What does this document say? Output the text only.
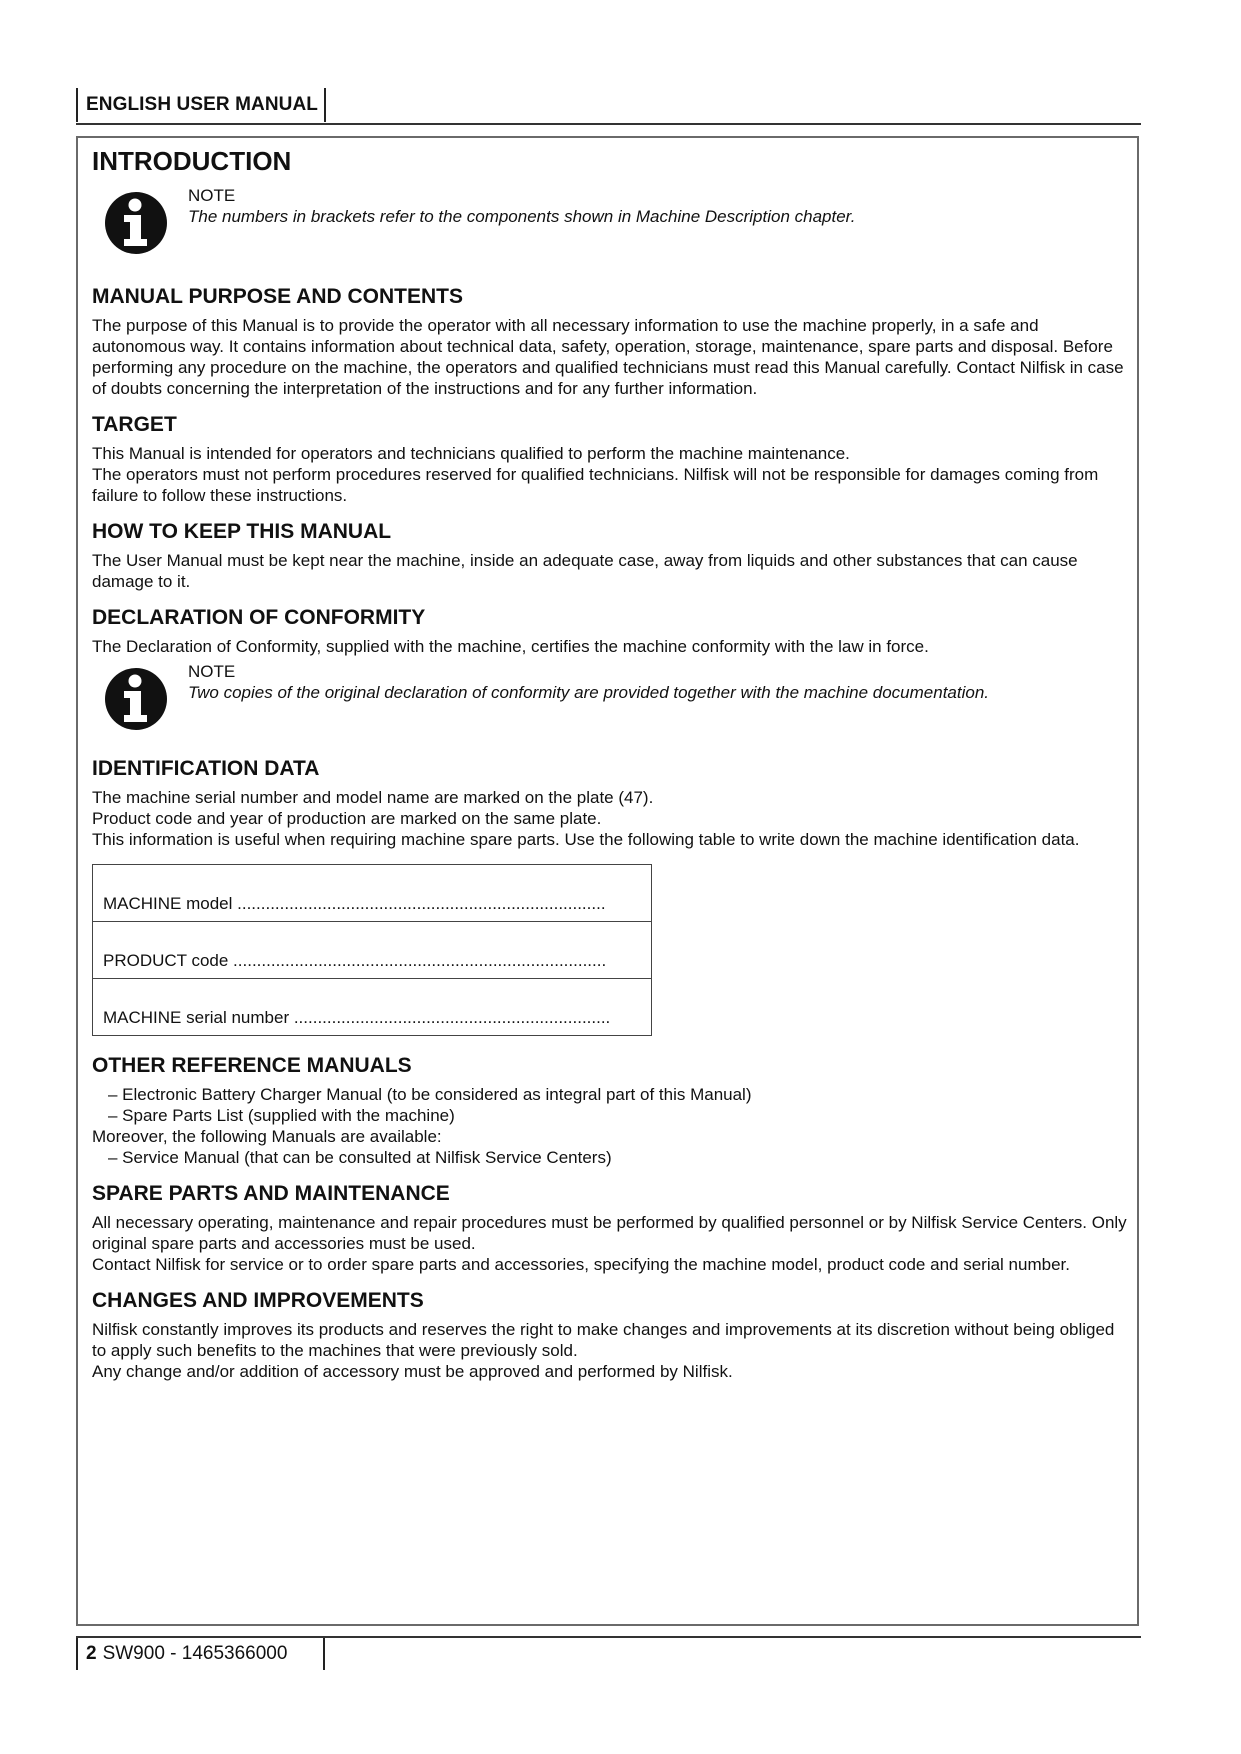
ENGLISH USER MANUAL
INTRODUCTION
NOTE
The numbers in brackets refer to the components shown in Machine Description chapter.
MANUAL PURPOSE AND CONTENTS

The purpose of this Manual is to provide the operator with all necessary information to use the machine properly, in a safe and autonomous way. It contains information about technical data, safety, operation, storage, maintenance, spare parts and disposal. Before performing any procedure on the machine, the operators and qualified technicians must read this Manual carefully. Contact Nilfisk in case of doubts concerning the interpretation of the instructions and for any further information.

TARGET

This Manual is intended for operators and technicians qualified to perform the machine maintenance.

The operators must not perform procedures reserved for qualified technicians. Nilfisk will not be responsible for damages coming from failure to follow these instructions.

HOW TO KEEP THIS MANUAL

The User Manual must be kept near the machine, inside an adequate case, away from liquids and other substances that can cause damage to it.

DECLARATION OF CONFORMITY

The Declaration of Conformity, supplied with the machine, certifies the machine conformity with the law in force.

NOTE
Two copies of the original declaration of conformity are provided together with the machine documentation.
IDENTIFICATION DATA

The machine serial number and model name are marked on the plate (47).

Product code and year of production are marked on the same plate.

This information is useful when requiring machine spare parts. Use the following table to write down the machine identification data.

MACHINE model ..............................................................................
PRODUCT code ...............................................................................
MACHINE serial number ...................................................................
OTHER REFERENCE MANUALS
– Electronic Battery Charger Manual (to be considered as integral part of this Manual)
– Spare Parts List (supplied with the machine)

Moreover, the following Manuals are available:

– Service Manual (that can be consulted at Nilfisk Service Centers)
SPARE PARTS AND MAINTENANCE

All necessary operating, maintenance and repair procedures must be performed by qualified personnel or by Nilfisk Service Centers. Only original spare parts and accessories must be used.

Contact Nilfisk for service or to order spare parts and accessories, specifying the machine model, product code and serial number.

CHANGES AND IMPROVEMENTS

Nilfisk constantly improves its products and reserves the right to make changes and improvements at its discretion without being obliged to apply such benefits to the machines that were previously sold.

Any change and/or addition of accessory must be approved and performed by Nilfisk.

2 SW900 - 1465366000
